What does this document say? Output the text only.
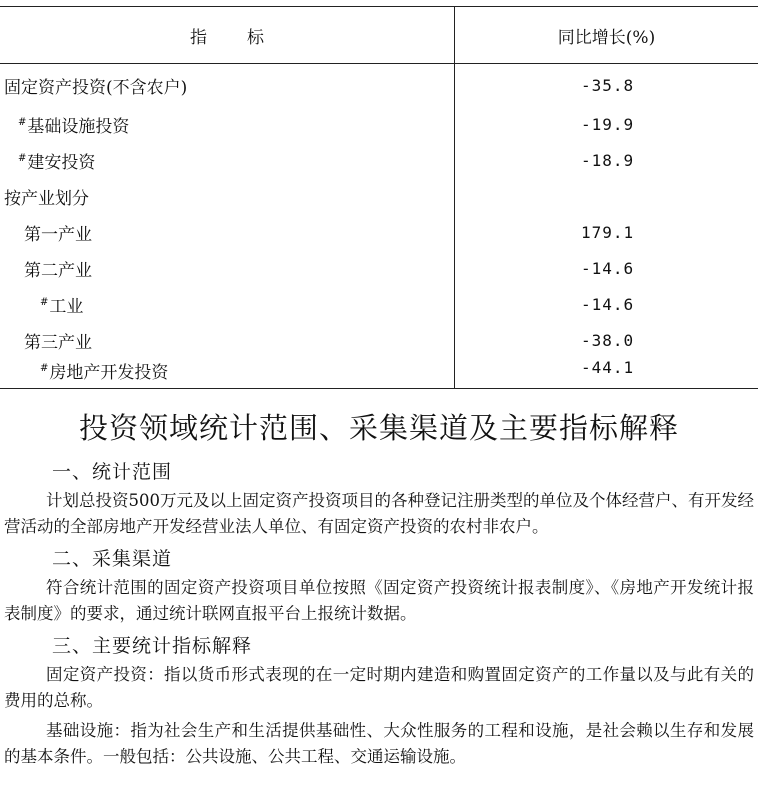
指 标	同比增长(%)
固定资产投资(不含农户)	-35.8
#基础设施投资	-19.9
#建安投资	-18.9
按产业划分	
第一产业	179.1
第二产业	-14.6
#工业	-14.6
第三产业	-38.0
#房地产开发投资	-44.1
投资领域统计范围、采集渠道及主要指标解释
一、统计范围

计划总投资500万元及以上固定资产投资项目的各种登记注册类型的单位及个体经营户、有开发经营活动的全部房地产开发经营业法人单位、有固定资产投资的农村非农户。

二、采集渠道

符合统计范围的固定资产投资项目单位按照《固定资产投资统计报表制度》、《房地产开发统计报表制度》的要求，通过统计联网直报平台上报统计数据。

三、主要统计指标解释

固定资产投资：指以货币形式表现的在一定时期内建造和购置固定资产的工作量以及与此有关的费用的总称。

基础设施：指为社会生产和生活提供基础性、大众性服务的工程和设施，是社会赖以生存和发展的基本条件。一般包括：公共设施、公共工程、交通运输设施。
